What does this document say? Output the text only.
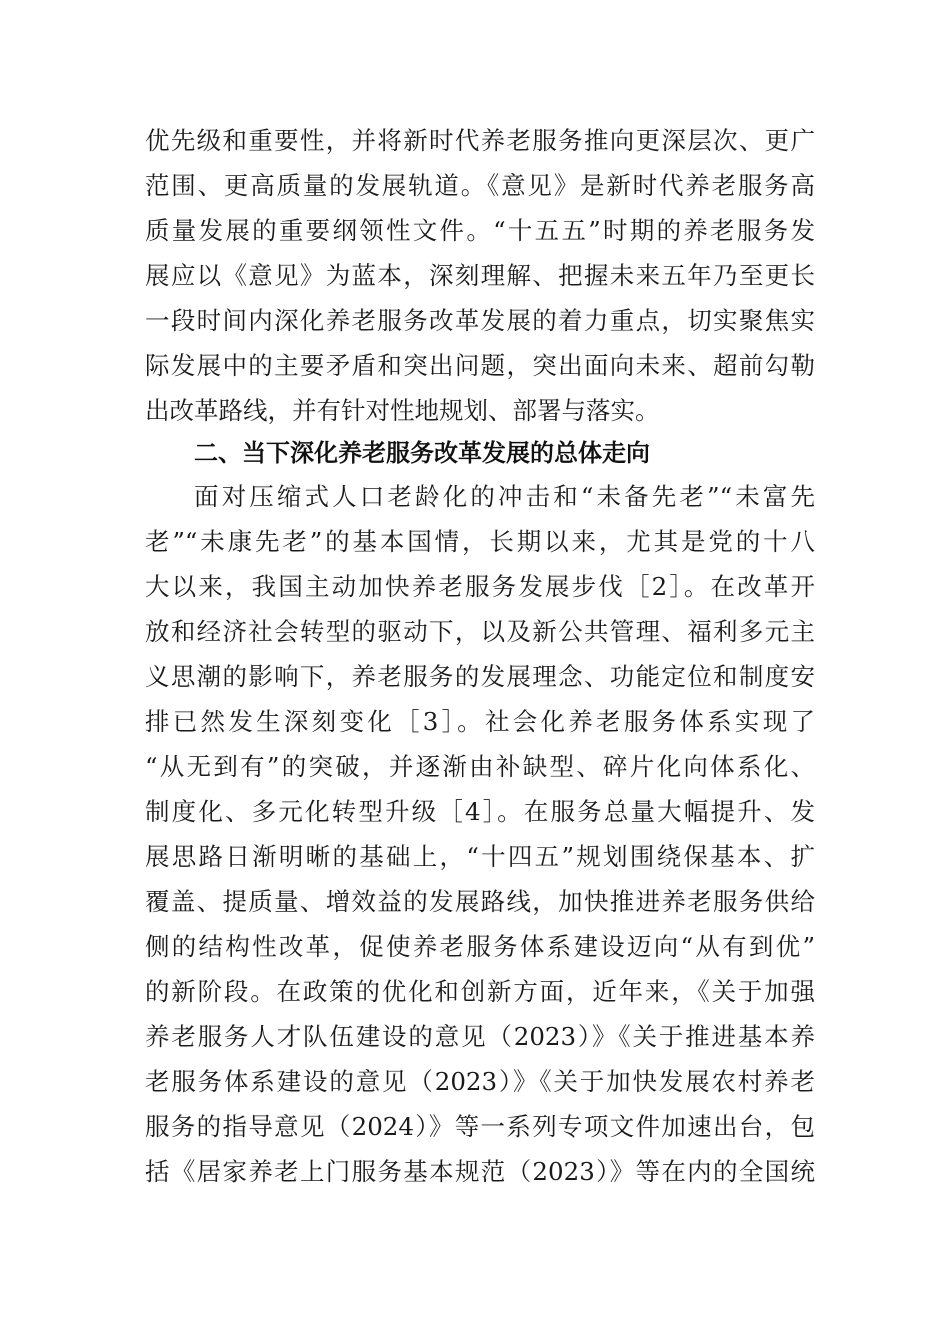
优先级和重要性，并将新时代养老服务推向更深层次、更广
范围、更高质量的发展轨道。《意见》是新时代养老服务高
质量发展的重要纲领性文件。“十五五”时期的养老服务发
展应以《意见》为蓝本，深刻理解、把握未来五年乃至更长
一段时间内深化养老服务改革发展的着力重点，切实聚焦实
际发展中的主要矛盾和突出问题，突出面向未来、超前勾勒
出改革路线，并有针对性地规划、部署与落实。
二、当下深化养老服务改革发展的总体走向
面对压缩式人口老龄化的冲击和“未备先老”“未富先
老”“未康先老”的基本国情，长期以来，尤其是党的十八
大以来，我国主动加快养老服务发展步伐［2］。在改革开
放和经济社会转型的驱动下，以及新公共管理、福利多元主
义思潮的影响下，养老服务的发展理念、功能定位和制度安
排已然发生深刻变化［3］。社会化养老服务体系实现了
“从无到有”的突破，并逐渐由补缺型、碎片化向体系化、
制度化、多元化转型升级［4］。在服务总量大幅提升、发
展思路日渐明晰的基础上，“十四五”规划围绕保基本、扩
覆盖、提质量、增效益的发展路线，加快推进养老服务供给
侧的结构性改革，促使养老服务体系建设迈向“从有到优”
的新阶段。在政策的优化和创新方面，近年来，《关于加强
养老服务人才队伍建设的意见（2023）》《关于推进基本养
老服务体系建设的意见（2023）》《关于加快发展农村养老
服务的指导意见（2024）》等一系列专项文件加速出台，包
括《居家养老上门服务基本规范（2023）》等在内的全国统
